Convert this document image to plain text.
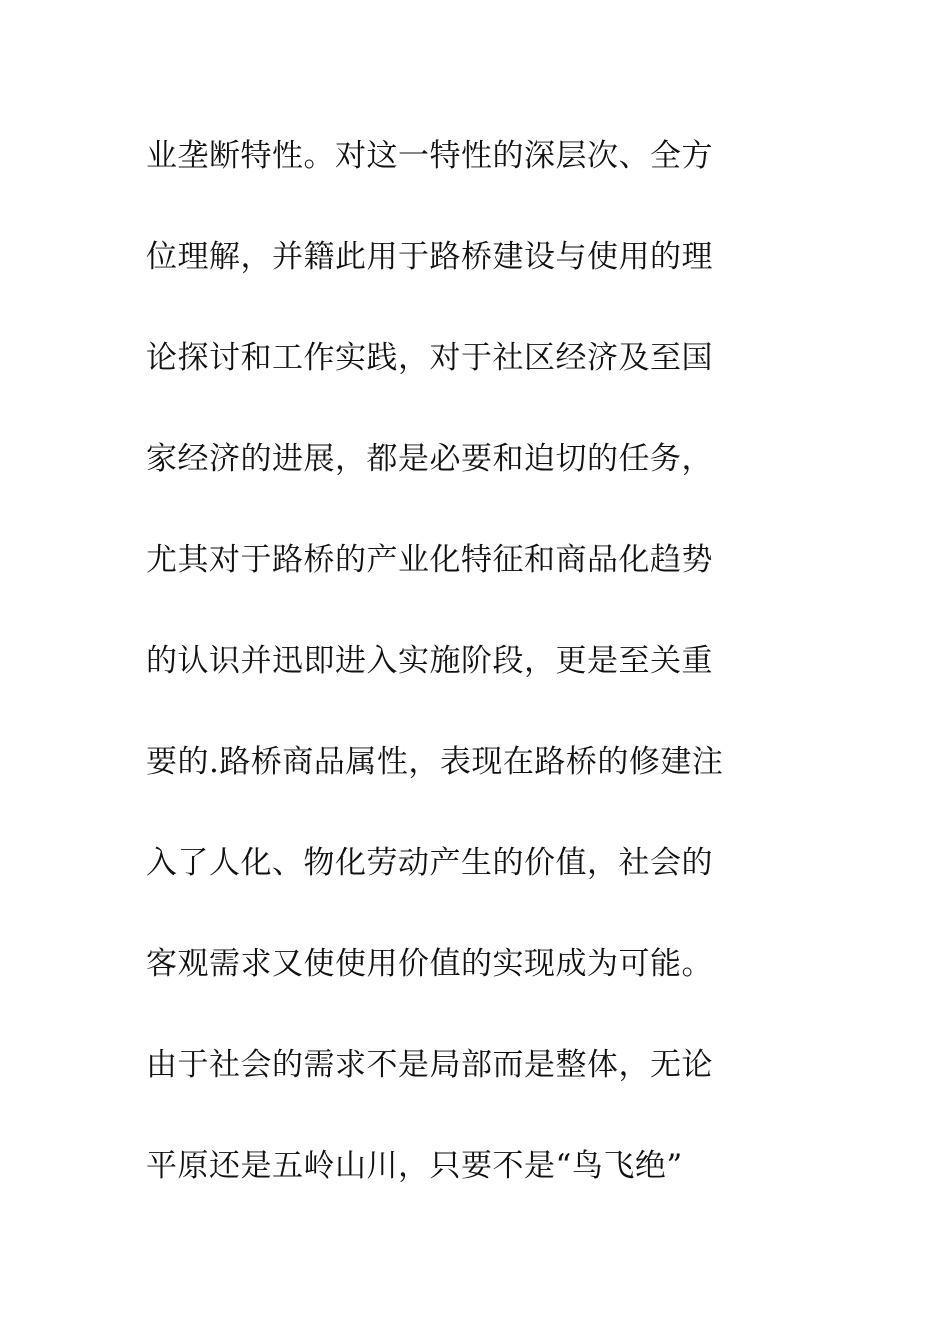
业垄断特性。对这一特性的深层次、全方
位理解，并籍此用于路桥建设与使用的理
论探讨和工作实践，对于社区经济及至国
家经济的进展，都是必要和迫切的任务，
尤其对于路桥的产业化特征和商品化趋势
的认识并迅即进入实施阶段，更是至关重
要的.路桥商品属性，表现在路桥的修建注
入了人化、物化劳动产生的价值，社会的
客观需求又使使用价值的实现成为可能。
由于社会的需求不是局部而是整体，无论
平原还是五岭山川，只要不是“鸟飞绝”
